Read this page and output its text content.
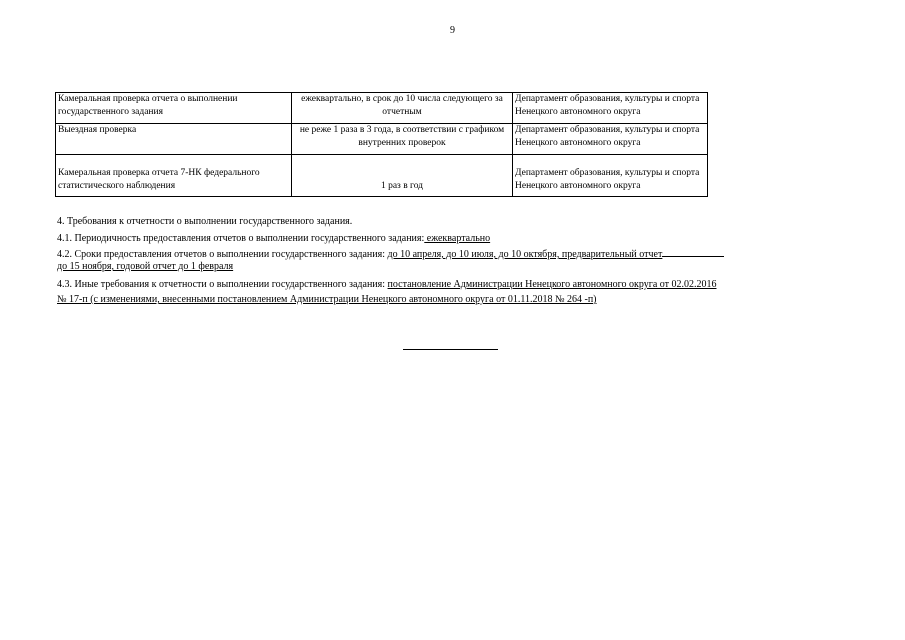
9
Камеральная проверка отчета о выполнении государственного задания	ежеквартально, в срок до 10 числа следующего за отчетным	Департамент образования, культуры и спорта Ненецкого автономного округа
Выездная проверка	не реже 1 раза в 3 года, в соответствии с графиком внутренних проверок	Департамент образования, культуры и спорта Ненецкого автономного округа
Камеральная проверка отчета 7-НК федерального статистического наблюдения	1 раз в год	Департамент образования, культуры и спорта Ненецкого автономного округа
4. Требования к отчетности о выполнении государственного задания.
4.1. Периодичность предоставления отчетов о выполнении государственного задания: ежеквартально
4.2. Сроки предоставления отчетов о выполнении государственного задания: до 10 апреля, до 10 июля, до 10 октября, предварительный отчет
до 15 ноября, годовой отчет до 1 февраля
4.3. Иные требования к отчетности о выполнении государственного задания: постановление Администрации Ненецкого автономного округа от 02.02.2016
№ 17-п (с изменениями, внесенными постановлением Администрации Ненецкого автономного округа от 01.11.2018 № 264 -п)
